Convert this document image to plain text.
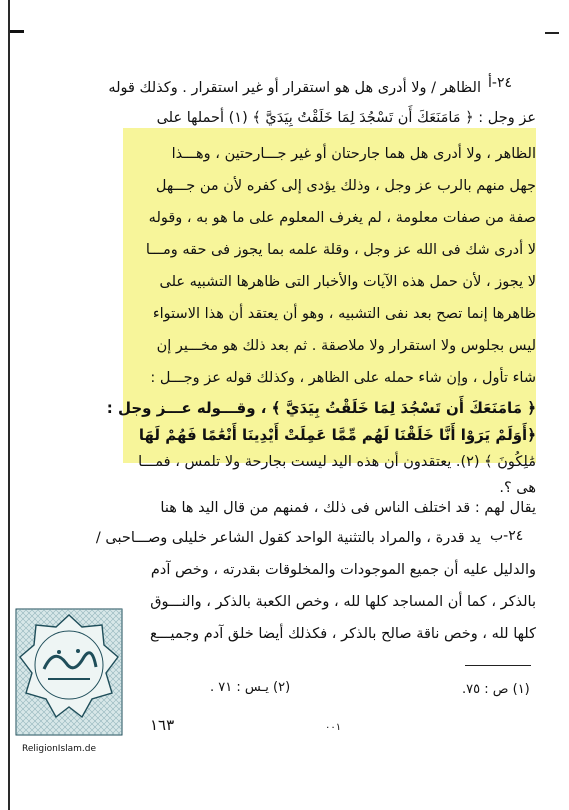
٢٤-أ
٢٤-ب
الظاهر / ولا أدرى هل هو استقرار أو غير استقرار . وكذلك قوله
عز وجل : ﴿ مَامَنَعَكَ أَن تَسْجُدَ لِمَا خَلَقْتُ بِيَدَيَّ ﴾ (١) أحملها على
الظاهر ، ولا أدرى هل هما جارحتان أو غير جـــارحتين ، وهـــذا
جهل منهم بالرب عز وجل ، وذلك يؤدى إلى كفره لأن من جـــهل
صفة من صفات معلومة ، لم يغرف المعلوم على ما هو به ، وقوله
لا أدرى شك فى الله عز وجل ، وقلة علمه بما يجوز فى حقه ومـــا
لا يجوز ، لأن حمل هذه الآيات والأخبار التى ظاهرها التشبيه على
ظاهرها إنما تصح بعد نفى التشبيه ، وهو أن يعتقد أن هذا الاستواء
ليس بجلوس ولا استقرار ولا ملاصقة . ثم بعد ذلك هو مخـــير إن
شاء تأول ، وإن شاء حمله على الظاهر ، وكذلك قوله عز وجـــل :
﴿ مَامَنَعَكَ أَن تَسْجُدَ لِمَا خَلَقْتُ بِيَدَيَّ ﴾ ، وقـــوله عـــز وجل :
﴿أَوَلَمْ يَرَوْا أَنَّا خَلَقْنَا لَهُم مِّمَّا عَمِلَتْ أَيْدِينَا أَنْعَٰمًا فَهُمْ لَهَا
مَٰلِكُونَ ﴾ (٢). يعتقدون أن هذه اليد ليست بجارحة ولا تلمس ، فمـــا
هى ؟.
يقال لهم : قد اختلف الناس فى ذلك ، فمنهم من قال اليد ها هنا
يد قدرة ، والمراد بالتثنية الواحد كقول الشاعر خليلى وصـــاحبى /
والدليل عليه أن جميع الموجودات والمخلوقات بقدرته ، وخص آدم
بالذكر ، كما أن المساجد كلها لله ، وخص الكعبة بالذكر ، والنـــوق
كلها لله ، وخص ناقة صالح بالذكر ، فكذلك أيضا خلق آدم وجميـــع
(١) ص : ٧٥.
(٢) يـس : ٧١ .
١٦٣	٠٠١
ReligionIslam.de
